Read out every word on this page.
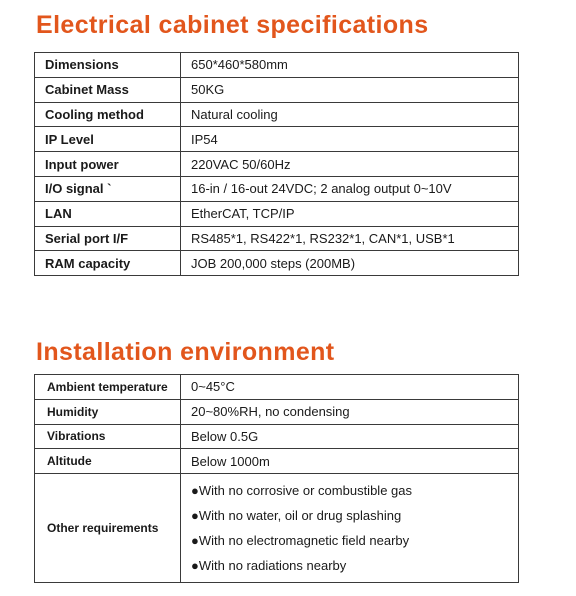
Electrical cabinet specifications
Dimensions	650*460*580mm
Cabinet Mass	50KG
Cooling method	Natural cooling
IP Level	IP54
Input power	220VAC 50/60Hz
I/O signal `	16-in / 16-out 24VDC; 2 analog output 0~10V
LAN	EtherCAT, TCP/IP
Serial port I/F	RS485*1, RS422*1, RS232*1, CAN*1, USB*1
RAM capacity	JOB 200,000 steps (200MB)
Installation environment
Ambient temperature	0~45°C
Humidity	20~80%RH, no condensing
Vibrations	Below 0.5G
Altitude	Below 1000m
Other requirements	●With no corrosive or combustible gas
●With no water, oil or drug splashing
●With no electromagnetic field nearby
●With no radiations nearby
